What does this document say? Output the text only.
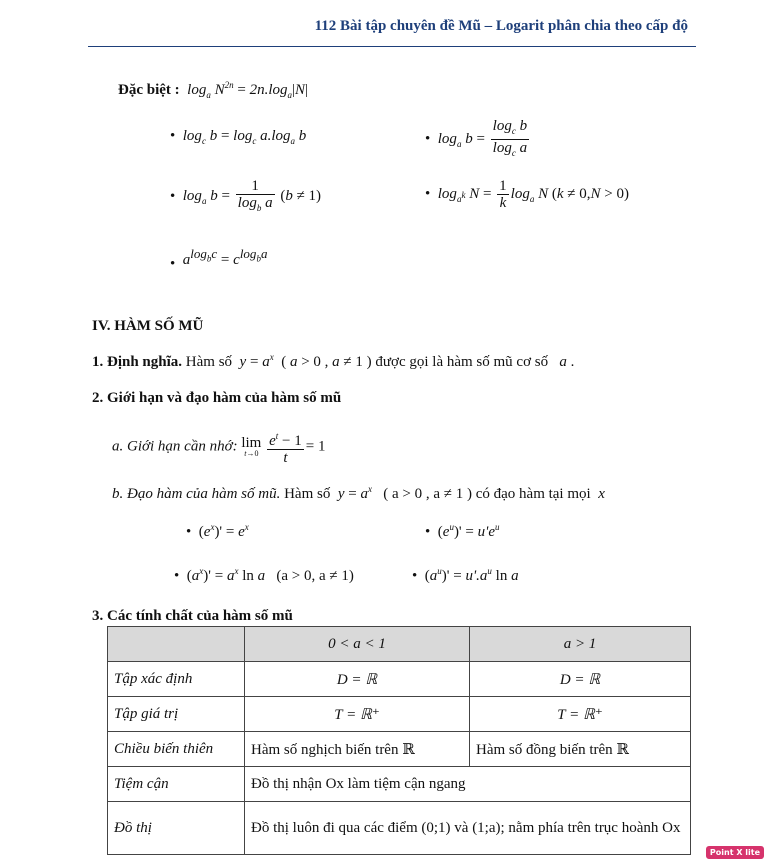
112 Bài tập chuyên đề Mũ – Logarit phân chia theo cấp độ
Đặc biệt :  $\log_a N^{2n} = 2n.\log_a|N|$
• $\log_c b = \log_c a.\log_a$ b	• $\log_a b = \frac{\log_c b}{\log_c a}$
• $\log_a b = \frac{1}{\log_b a} (b \ne 1)$	• $\log_{a^k} N = \frac{1}{k} \log_a N$ (k ≠ 0,N > 0)
• $a^{log_bc} = c^{log_ba}$
IV. HÀM SỐ MŨ
1. Định nghĩa. Hàm số  $y = a^x$ ( a > 0 , a ≠ 1 ) được gọi là hàm số mũ cơ số   a .
2. Giới hạn và đạo hàm của hàm số mũ
a. Giới hạn cần nhớ: lim
t→0
$\frac{e^t - 1}{t} = 1$
b. Đạo hàm của hàm số mũ. Hàm số  $y = a^x$ ( a > 0 , a ≠ 1 ) có đạo hàm tại mọi  x
• $(e^x)' = e^x$	• $(e^u)' = u'e^u$
• $(a^x)' = a^x$ ln a (a > 0, a ≠ 1)	• $(a^u)' = u'.a^u$ ln a
3. Các tính chất của hàm số mũ
	0 < a < 1	a > 1
Tập xác định	D = ℝ	D = ℝ
Tập giá trị	T = ℝ⁺	T = ℝ⁺
Chiều biến thiên	Hàm số nghịch biến trên ℝ	Hàm số đồng biến trên ℝ
Tiệm cận	Đồ thị nhận Ox làm tiệm cận ngang	
Đồ thị	Đồ thị luôn đi qua các điểm (0;1) và (1;a); nằm phía trên trục hoành Ox	
Point X lite
